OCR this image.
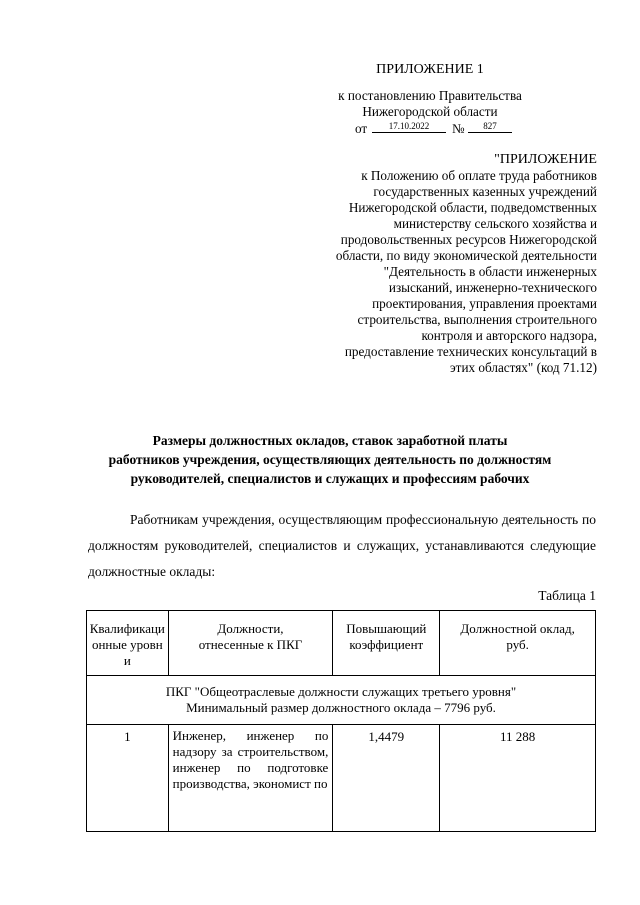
ПРИЛОЖЕНИЕ 1
к постановлению Правительства
Нижегородской области
от	17.10.2022	№	827
"ПРИЛОЖЕНИЕ
к Положению об оплате труда работников
государственных казенных учреждений
Нижегородской области, подведомственных
министерству сельского хозяйства и
продовольственных ресурсов Нижегородской
области, по виду экономической деятельности
"Деятельность в области инженерных
изысканий, инженерно-технического
проектирования, управления проектами
строительства, выполнения строительного
контроля и авторского надзора,
предоставление технических консультаций в
этих областях" (код 71.12)
Размеры должностных окладов, ставок заработной платы
работников учреждения, осуществляющих деятельность по должностям
руководителей, специалистов и служащих и профессиям рабочих
Работникам учреждения, осуществляющим профессиональную деятельность по должностям руководителей, специалистов и служащих, устанавливаются следующие должностные оклады:
Таблица 1
Квалификационные уровни	Должности, отнесенные к ПКГ	Повышающий коэффициент	Должностной оклад, руб.

ПКГ "Общеотраслевые должности служащих третьего уровня"
Минимальный размер должностного оклада – 7796 руб.			

1	Инженер, инженер по надзору за строительством, инженер по подготовке производства, экономист по	1,4479	11 288
